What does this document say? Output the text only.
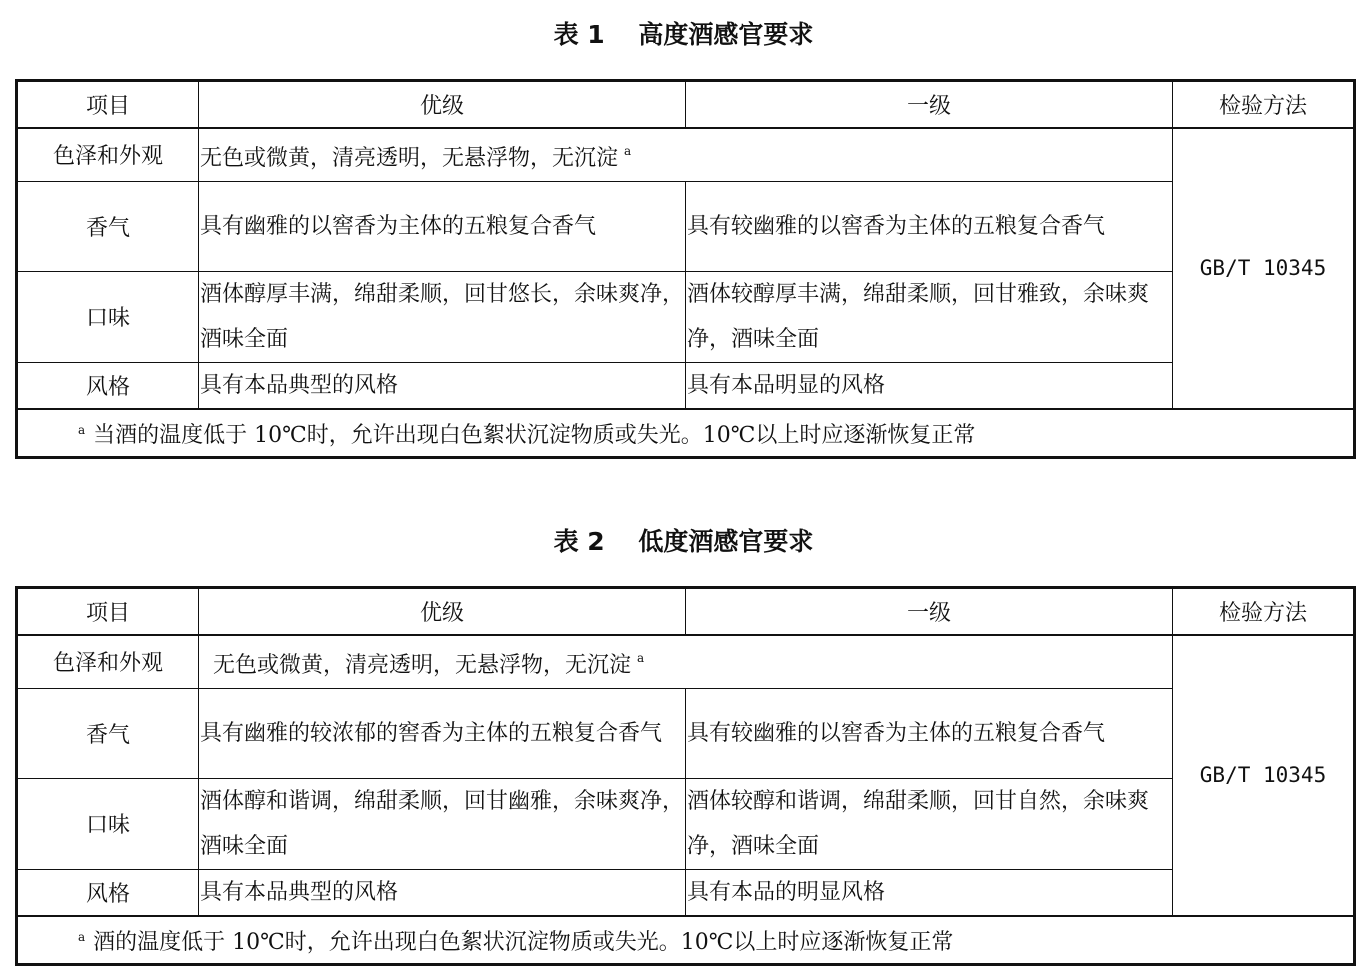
表 1　 高度酒感官要求
项目	优级	一级	检验方法
色泽和外观	无色或微黄，清亮透明，无悬浮物，无沉淀 $^a$		GB/T 10345
香气	具有幽雅的以窖香为主体的五粮复合香气	具有较幽雅的以窖香为主体的五粮复合香气	
口味	酒体醇厚丰满，绵甜柔顺，回甘悠长，余味爽净，酒味全面	酒体较醇厚丰满，绵甜柔顺，回甘雅致，余味爽净，酒味全面	
风格	具有本品典型的风格	具有本品明显的风格	
$^a$ 当酒的温度低于 10℃时，允许出现白色絮状沉淀物质或失光。10℃以上时应逐渐恢复正常			
表 2　 低度酒感官要求
项目	优级	一级	检验方法
色泽和外观	无色或微黄，清亮透明，无悬浮物，无沉淀 $^a$		GB/T 10345
香气	具有幽雅的较浓郁的窖香为主体的五粮复合香气	具有较幽雅的以窖香为主体的五粮复合香气	
口味	酒体醇和谐调，绵甜柔顺，回甘幽雅，余味爽净，酒味全面	酒体较醇和谐调，绵甜柔顺，回甘自然，余味爽净，酒味全面	
风格	具有本品典型的风格	具有本品的明显风格	
$^a$ 酒的温度低于 10℃时，允许出现白色絮状沉淀物质或失光。10℃以上时应逐渐恢复正常			
